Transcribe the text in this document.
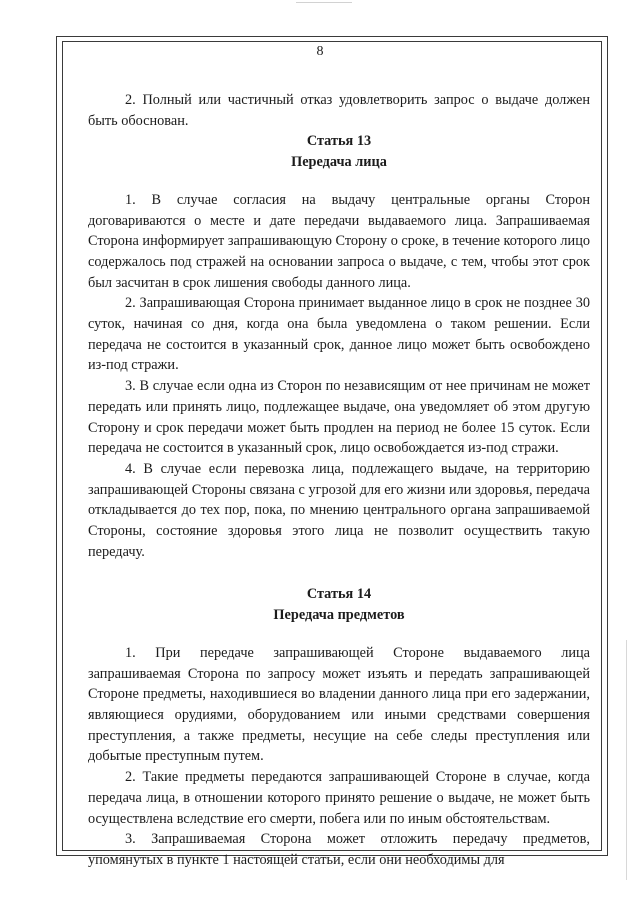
8

2. Полный или частичный отказ удовлетворить запрос о выдаче должен быть обоснован.

Статья 13

Передача лица

1. В случае согласия на выдачу центральные органы Сторон договариваются о месте и дате передачи выдаваемого лица. Запрашиваемая Сторона информирует запрашивающую Сторону о сроке, в течение которого лицо содержалось под стражей на основании запроса о выдаче, с тем, чтобы этот срок был засчитан в срок лишения свободы данного лица.

2. Запрашивающая Сторона принимает выданное лицо в срок не позднее 30 суток, начиная со дня, когда она была уведомлена о таком решении. Если передача не состоится в указанный срок, данное лицо может быть освобождено из-под стражи.

3. В случае если одна из Сторон по независящим от нее причинам не может передать или принять лицо, подлежащее выдаче, она уведомляет об этом другую Сторону и срок передачи может быть продлен на период не более 15 суток. Если передача не состоится в указанный срок, лицо освобождается из-под стражи.

4. В случае если перевозка лица, подлежащего выдаче, на территорию запрашивающей Стороны связана с угрозой для его жизни или здоровья, передача откладывается до тех пор, пока, по мнению центрального органа запрашиваемой Стороны, состояние здоровья этого лица не позволит осуществить такую передачу.

Статья 14

Передача предметов

1. При передаче запрашивающей Стороне выдаваемого лица запрашиваемая Сторона по запросу может изъять и передать запрашивающей Стороне предметы, находившиеся во владении данного лица при его задержании, являющиеся орудиями, оборудованием или иными средствами совершения преступления, а также предметы, несущие на себе следы преступления или добытые преступным путем.

2. Такие предметы передаются запрашивающей Стороне в случае, когда передача лица, в отношении которого принято решение о выдаче, не может быть осуществлена вследствие его смерти, побега или по иным обстоятельствам.

3. Запрашиваемая Сторона может отложить передачу предметов, упомянутых в пункте 1 настоящей статьи, если они необходимы для
